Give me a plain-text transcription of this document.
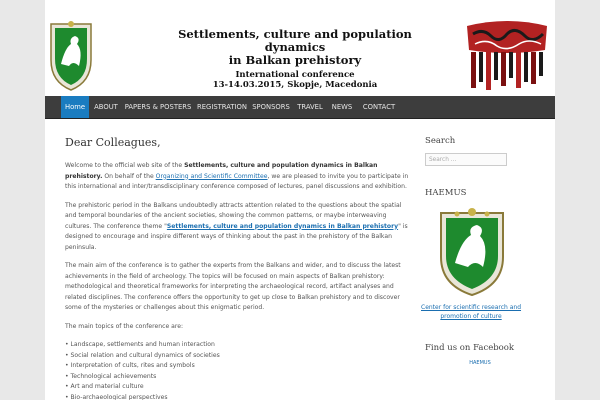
Settlements, culture and population dynamics
in Balkan prehistory
International conference
13-14.03.2015, Skopje, Macedonia
Home	ABOUT	PAPERS & POSTERS REGISTRATION SPONSORS	TRAVEL	NEWS	CONTACT
Dear Colleagues,

Welcome to the official web site of the Settlements, culture and population dynamics in Balkan prehistory. On behalf of the Organizing and Scientific Committee, we are pleased to invite you to participate in this international and inter/transdisciplinary conference composed of lectures, panel discussions and exhibition.

The prehistoric period in the Balkans undoubtedly attracts attention related to the questions about the spatial and temporal boundaries of the ancient societies, showing the common patterns, or maybe interweaving cultures. The conference theme "Settlements, culture and population dynamics in Balkan prehistory" is designed to encourage and inspire different ways of thinking about the past in the prehistory of the Balkan peninsula.

The main aim of the conference is to gather the experts from the Balkans and wider, and to discuss the latest achievements in the field of archeology. The topics will be focused on main aspects of Balkan prehistory: methodological and theoretical frameworks for interpreting the archaeological record, artifact analyses and related disciplines. The conference offers the opportunity to get up close to Balkan prehistory and to discover some of the mysteries or challenges about this enigmatic period.

The main topics of the conference are:

• Landscape, settlements and human interaction
• Social relation and cultural dynamics of societies
• Interpretation of cults, rites and symbols
• Technological achievements
• Art and material culture
• Bio-archaeological perspectives
Search
Search ...
HAEMUS
Center for scientific research and promotion of culture
Find us on Facebook
HAEMUS
